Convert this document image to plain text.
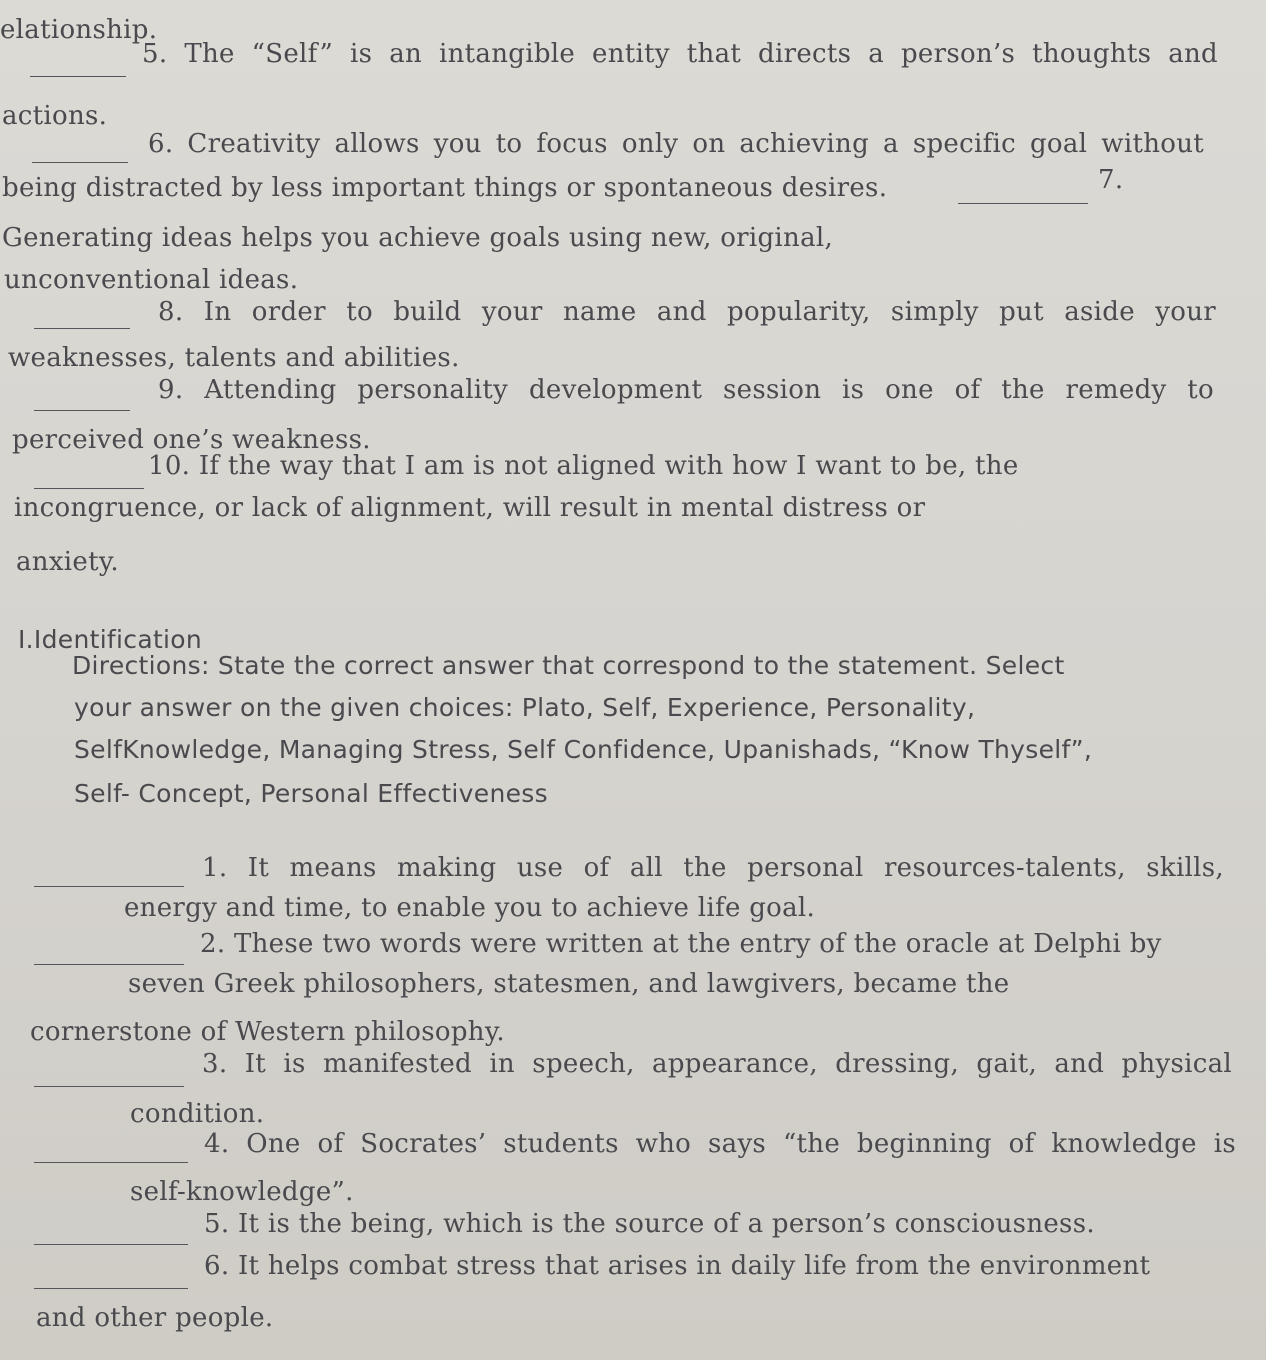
elationship.
5. The “Self” is an intangible entity that directs a person’s thoughts and
actions.
6. Creativity allows you to focus only on achieving a specific goal without
being distracted by less important things or spontaneous desires.	7.
Generating ideas helps you achieve goals using new, original,
unconventional ideas.
8. In order to build your name and popularity, simply put aside your
weaknesses, talents and abilities.
9. Attending personality development session is one of the remedy to
perceived one’s weakness.
10. If the way that I am is not aligned with how I want to be, the
incongruence, or lack of alignment, will result in mental distress or
anxiety.
I.Identification
Directions: State the correct answer that correspond to the statement. Select
your answer on the given choices: Plato, Self, Experience, Personality,
SelfKnowledge, Managing Stress, Self Confidence, Upanishads, “Know Thyself”,
Self- Concept, Personal Effectiveness
1. It means making use of all the personal resources-talents, skills,
energy and time, to enable you to achieve life goal.
2. These two words were written at the entry of the oracle at Delphi by
seven Greek philosophers, statesmen, and lawgivers, became the
cornerstone of Western philosophy.
3. It is manifested in speech, appearance, dressing, gait, and physical
condition.
4. One of Socrates’ students who says “the beginning of knowledge is
self-knowledge”.
5. It is the being, which is the source of a person’s consciousness.
6. It helps combat stress that arises in daily life from the environment
and other people.
